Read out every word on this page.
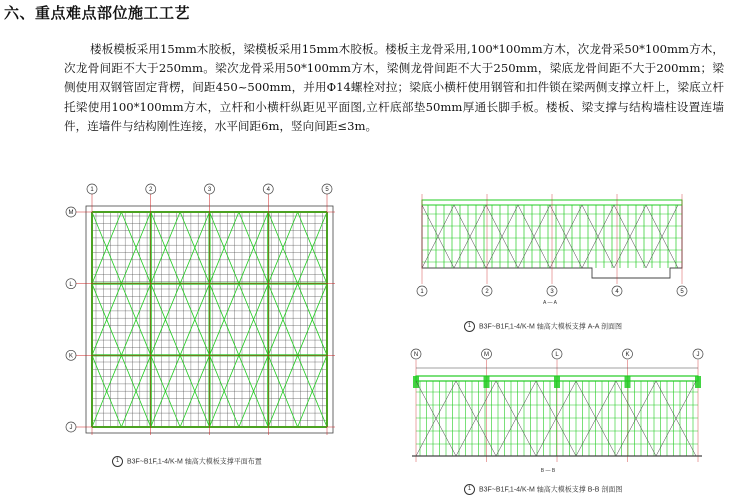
六、重点难点部位施工工艺

楼板模板采用15mm木胶板，梁模板采用15mm木胶板。楼板主龙骨采用,100*100mm方木，次龙骨采50*100mm方木，次龙骨间距不大于250mm。梁次龙骨采用50*100mm方木，梁侧龙骨间距不大于250mm，梁底龙骨间距不大于200mm；梁侧使用双钢管固定背楞，间距450~500mm，并用Φ14螺栓对拉；梁底小横杆使用钢管和扣件锁在梁两侧支撑立杆上，梁底立杆托梁使用100*100mm方木，立杆和小横杆纵距见平面图,立杆底部垫50mm厚通长脚手板。楼板、梁支撑与结构墙柱设置连墙件，连墙件与结构刚性连接，水平间距6m，竖向间距≤3m。

1	2	3	4	5
M
L
K
J
1 B3F~B1F,1-4/K-M 轴高大模板支撑平面布置
1	2	3	4	5
A — A
1 B3F~B1F,1-4/K-M 轴高大模板支撑 A-A 剖面图
N	M	L	K	J
B — B
1 B3F~B1F,1-4/K-M 轴高大模板支撑 B-B 剖面图
